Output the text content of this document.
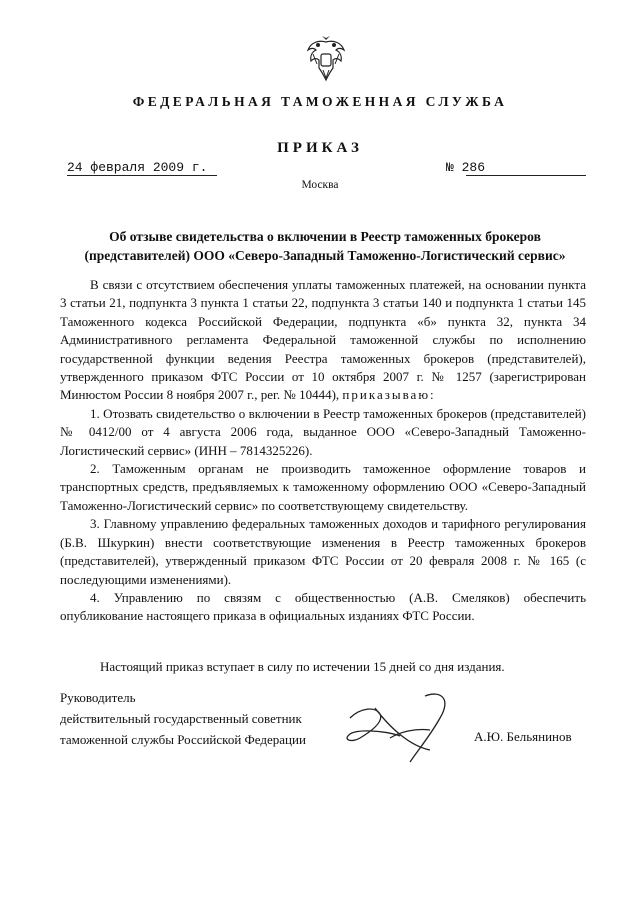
ФЕДЕРАЛЬНАЯ ТАМОЖЕННАЯ СЛУЖБА
ПРИКАЗ
24 февраля 2009 г.	№ 286
Москва
Об отзыве свидетельства о включении в Реестр таможенных брокеров (представителей) ООО «Северо-Западный Таможенно-Логистический сервис»

В связи с отсутствием обеспечения уплаты таможенных платежей, на основании пункта 3 статьи 21, подпункта 3 пункта 1 статьи 22, подпункта 3 статьи 140 и подпункта 1 статьи 145 Таможенного кодекса Российской Федерации, подпункта «б» пункта 32, пункта 34 Административного регламента Федеральной таможенной службы по исполнению государственной функции ведения Реестра таможенных брокеров (представителей), утвержденного приказом ФТС России от 10 октября 2007 г. № 1257 (зарегистрирован Минюстом России 8 ноября 2007 г., рег. № 10444), приказываю:

1. Отозвать свидетельство о включении в Реестр таможенных брокеров (представителей) № 0412/00 от 4 августа 2006 года, выданное ООО «Северо-Западный Таможенно-Логистический сервис» (ИНН – 7814325226).

2. Таможенным органам не производить таможенное оформление товаров и транспортных средств, предъявляемых к таможенному оформлению ООО «Северо-Западный Таможенно-Логистический сервис» по соответствующему свидетельству.

3. Главному управлению федеральных таможенных доходов и тарифного регулирования (Б.В. Шкуркин) внести соответствующие изменения в Реестр таможенных брокеров (представителей), утвержденный приказом ФТС России от 20 февраля 2008 г. № 165 (с последующими изменениями).

4. Управлению по связям с общественностью (А.В. Смеляков) обеспечить опубликование настоящего приказа в официальных изданиях ФТС России.

Настоящий приказ вступает в силу по истечении 15 дней со дня издания.
Руководитель
действительный государственный советник
таможенной службы Российской Федерации	А.Ю. Бельянинов
